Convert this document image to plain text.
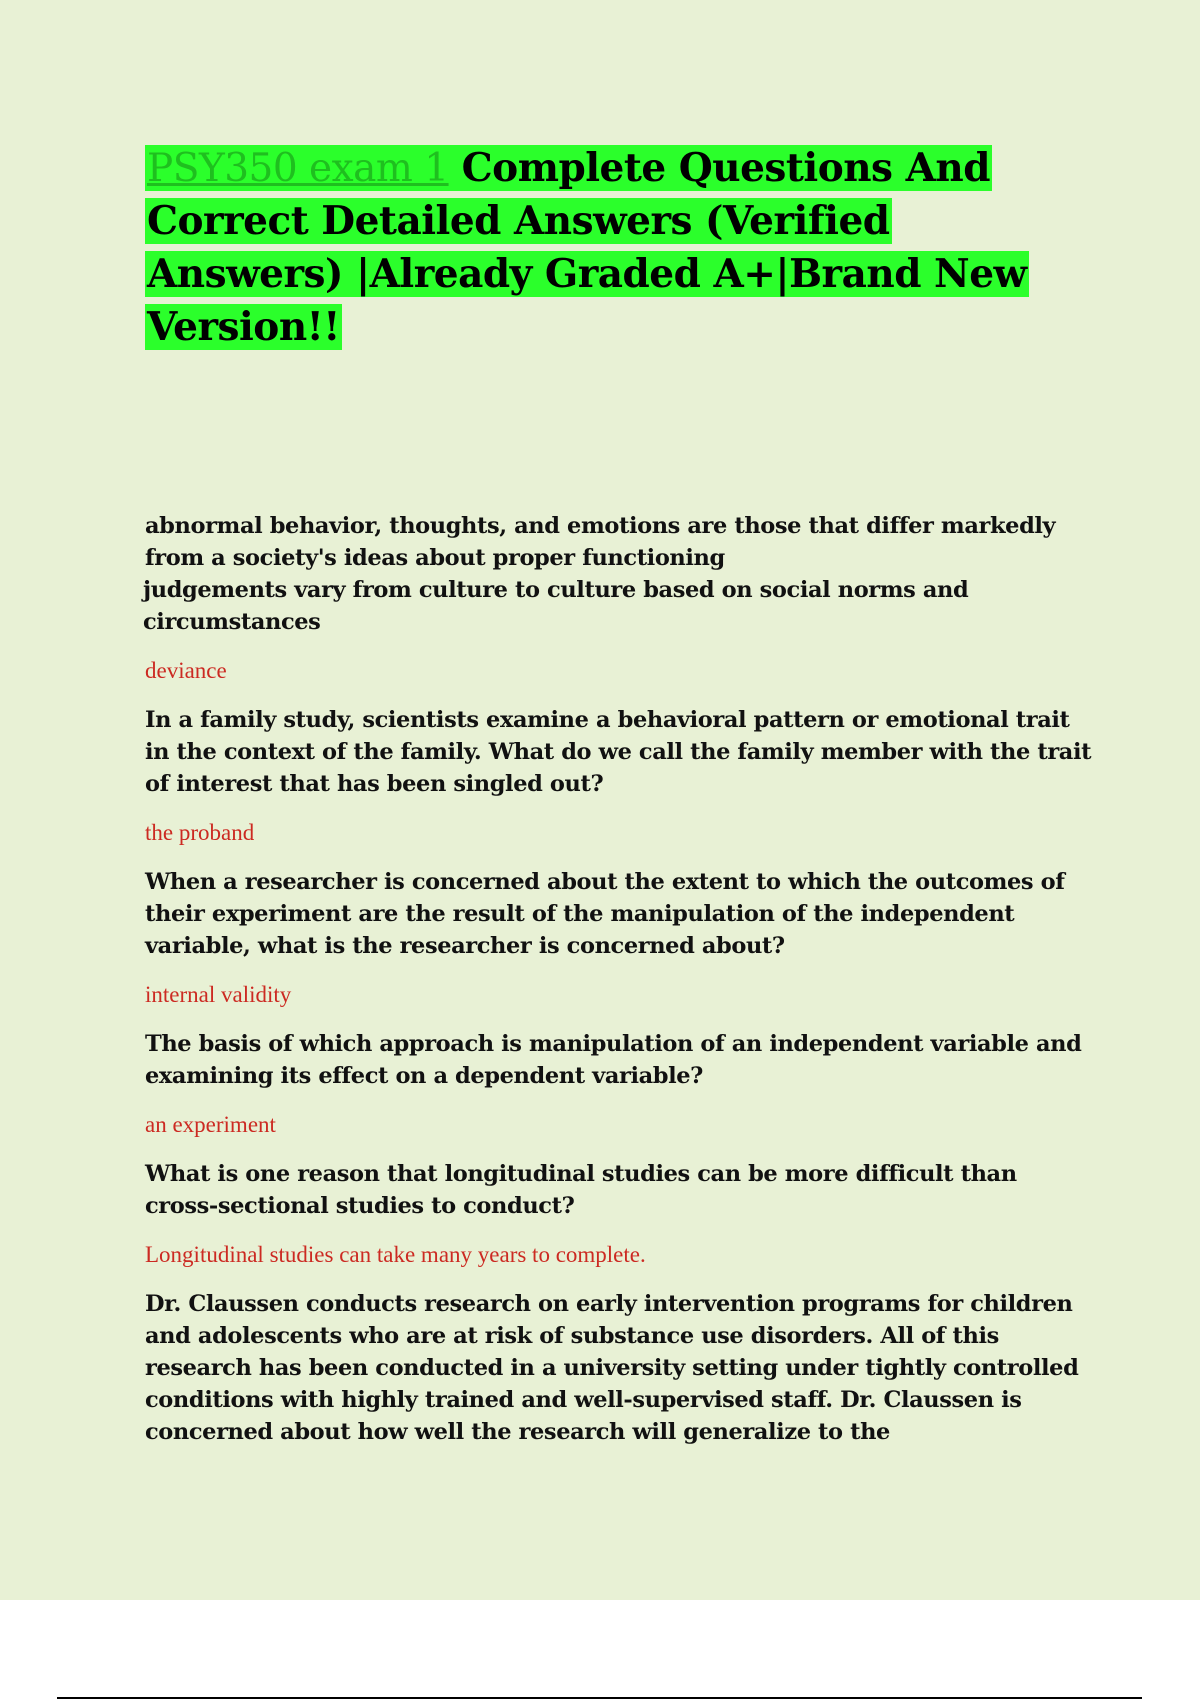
PSY350 exam 1 Complete Questions And Correct Detailed Answers (Verified Answers) |Already Graded A+|Brand New Version!!

abnormal behavior, thoughts, and emotions are those that differ markedly from a society's ideas about proper functioning
judgements vary from culture to culture based on social norms and circumstances

deviance

In a family study, scientists examine a behavioral pattern or emotional trait in the context of the family. What do we call the family member with the trait of interest that has been singled out?

the proband

When a researcher is concerned about the extent to which the outcomes of their experiment are the result of the manipulation of the independent variable, what is the researcher is concerned about?

internal validity

The basis of which approach is manipulation of an independent variable and examining its effect on a dependent variable?

an experiment

What is one reason that longitudinal studies can be more difficult than cross-sectional studies to conduct?

Longitudinal studies can take many years to complete.

Dr. Claussen conducts research on early intervention programs for children and adolescents who are at risk of substance use disorders. All of this research has been conducted in a university setting under tightly controlled conditions with highly trained and well-supervised staff. Dr. Claussen is concerned about how well the research will generalize to the
